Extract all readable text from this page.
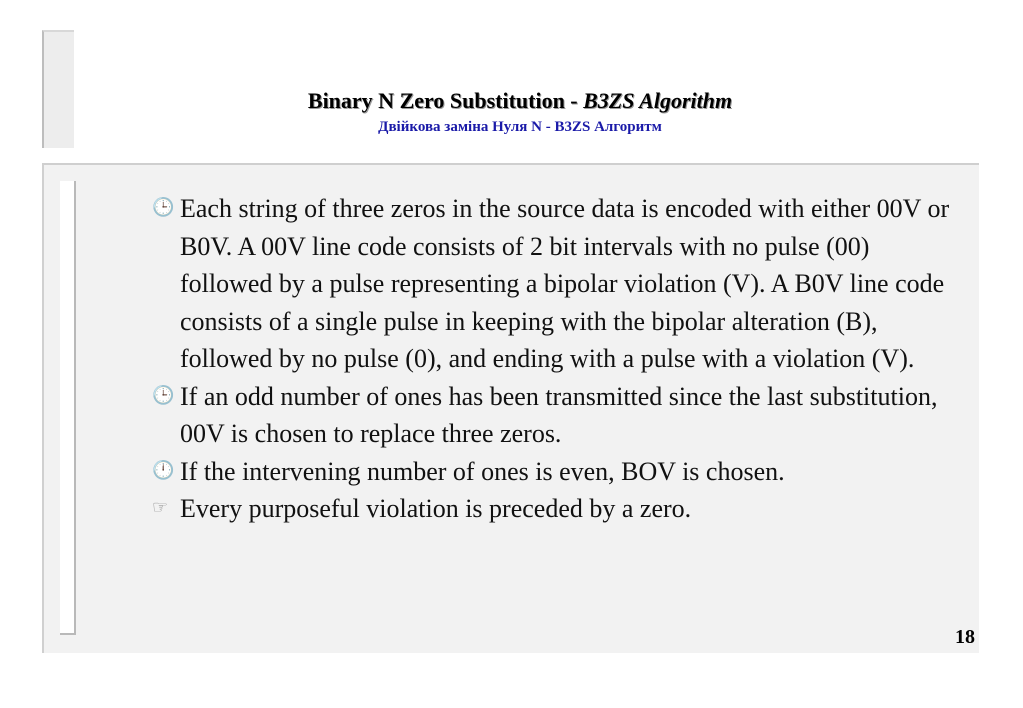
Binary N Zero Substitution - B3ZS Algorithm
Двійкова заміна Нуля N - B3ZS Алгоритм
🕒 Each string of three zeros in the source data is encoded with either 00V or B0V. A 00V line code consists of 2 bit intervals with no pulse (00) followed by a pulse representing a bipolar violation (V). A B0V line code consists of a single pulse in keeping with the bipolar alteration (B), followed by no pulse (0), and ending with a pulse with a violation (V).
🕒 If an odd number of ones has been transmitted since the last substitution, 00V is chosen to replace three zeros.
🕛 If the intervening number of ones is even, BOV is chosen.
☞ Every purposeful violation is preceded by a zero.
18
